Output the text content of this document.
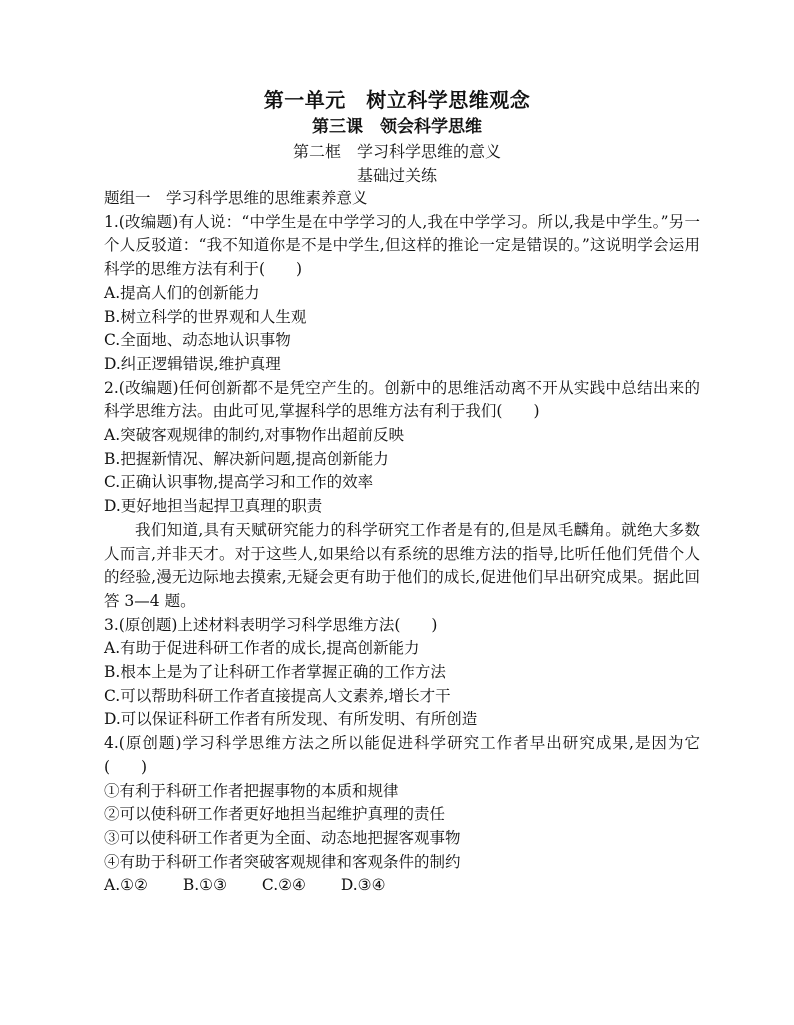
第一单元　树立科学思维观念
第三课　领会科学思维
第二框　学习科学思维的意义
基础过关练
题组一　学习科学思维的思维素养意义
1.(改编题)有人说：“中学生是在中学学习的人,我在中学学习。所以,我是中学生。”另一个人反驳道：“我不知道你是不是中学生,但这样的推论一定是错误的。”这说明学会运用科学的思维方法有利于(　　)
A.提高人们的创新能力
B.树立科学的世界观和人生观
C.全面地、动态地认识事物
D.纠正逻辑错误,维护真理
2.(改编题)任何创新都不是凭空产生的。创新中的思维活动离不开从实践中总结出来的科学思维方法。由此可见,掌握科学的思维方法有利于我们(　　)
A.突破客观规律的制约,对事物作出超前反映
B.把握新情况、解决新问题,提高创新能力
C.正确认识事物,提高学习和工作的效率
D.更好地担当起捍卫真理的职责
我们知道,具有天赋研究能力的科学研究工作者是有的,但是凤毛麟角。就绝大多数人而言,并非天才。对于这些人,如果给以有系统的思维方法的指导,比听任他们凭借个人的经验,漫无边际地去摸索,无疑会更有助于他们的成长,促进他们早出研究成果。据此回答 3—4 题。
3.(原创题)上述材料表明学习科学思维方法(　　)
A.有助于促进科研工作者的成长,提高创新能力
B.根本上是为了让科研工作者掌握正确的工作方法
C.可以帮助科研工作者直接提高人文素养,增长才干
D.可以保证科研工作者有所发现、有所发明、有所创造
4.(原创题)学习科学思维方法之所以能促进科学研究工作者早出研究成果,是因为它(　　)
①有利于科研工作者把握事物的本质和规律
②可以使科研工作者更好地担当起维护真理的责任
③可以使科研工作者更为全面、动态地把握客观事物
④有助于科研工作者突破客观规律和客观条件的制约
A.①② B.①③ C.②④ D.③④
